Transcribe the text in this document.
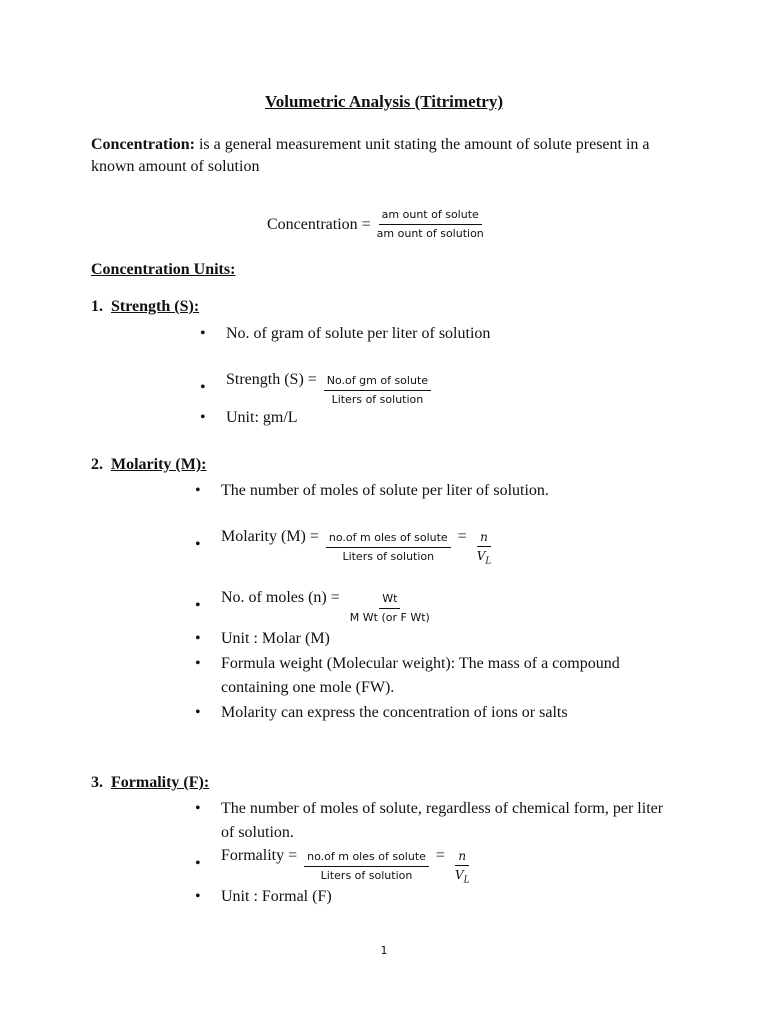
Volumetric Analysis (Titrimetry)
Concentration: is a general measurement unit stating the amount of solute present in a known amount of solution
Concentration = $\frac{\text{am ount of solute}}{\text{am ount of solution}}$
Concentration Units:
1. Strength (S):
• No. of gram of solute per liter of solution
• Strength $(S) = \frac{\text{No.of gm of solute}}{\text{Liters of solution}}$
• Unit: gm/L
2. Molarity (M):
• The number of moles of solute per liter of solution.
• Molarity $(M) = \frac{\text{no.of m oles of solute}}{\text{Liters of solution}} = \frac{n}{V_L}$
• No. of moles $(n) = \frac{Wt}{\text{M Wt (or F Wt)}}$
• Unit : Molar (M)
• Formula weight (Molecular weight): The mass of a compound containing one mole (FW).
• Molarity can express the concentration of ions or salts
3. Formality (F):
• The number of moles of solute, regardless of chemical form, per liter of solution.
• Formality = $\frac{\text{no.of m oles of solute}}{\text{Liters of solution}} = \frac{n}{V_L}$
• Unit : Formal (F)
1
